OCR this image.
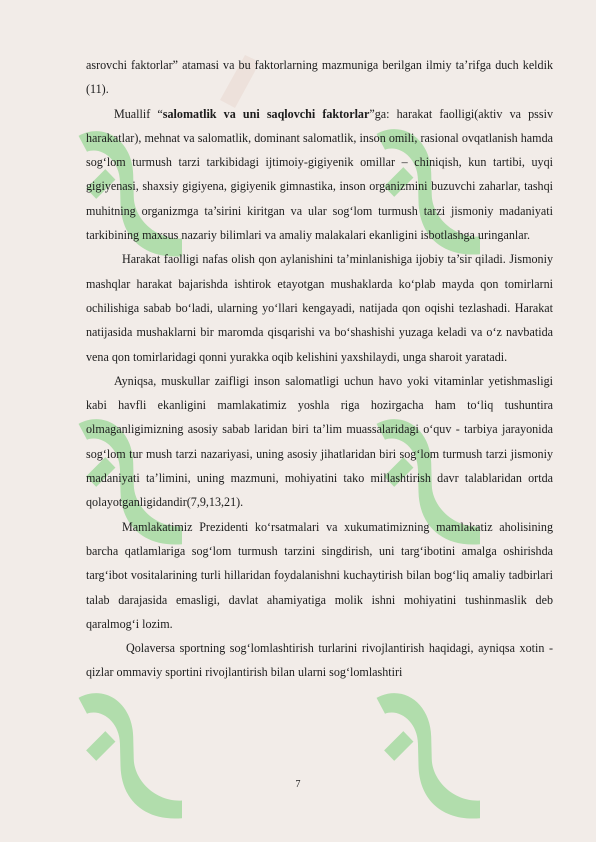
asrovchi faktorlar” atamasi va bu faktorlarning mazmuniga berilgan ilmiy ta’rifga duch keldik (11).

Muallif “salomatlik va uni saqlovchi faktorlar”ga: harakat faolligi(aktiv va pssiv harakatlar), mehnat va salomatlik, dominant salomatlik, inson omili, rasional ovqatlanish hamda sog‘lom turmush tarzi tarkibidagi ijtimoiy-gigiyenik omillar – chiniqish, kun tartibi, uyqi gigiyenasi, shaxsiy gigiyena, gigiyenik gimnastika, inson organizmini buzuvchi zaharlar, tashqi muhitning organizmga ta’sirini kiritgan va ular sog‘lom turmush tarzi jismoniy madaniyati tarkibining maxsus nazariy bilimlari va amaliy malakalari ekanligini isbotlashga uringanlar.

Harakat faolligi nafas olish qon aylanishini ta’minlanishiga ijobiy ta’sir qiladi. Jismoniy mashqlar harakat bajarishda ishtirok etayotgan mushaklarda ko‘plab mayda qon tomirlarni ochilishiga sabab bo‘ladi, ularning yo‘llari kengayadi, natijada qon oqishi tezlashadi. Harakat natijasida mushaklarni bir maromda qisqarishi va bo‘shashishi yuzaga keladi va o‘z navbatida vena qon tomirlaridagi qonni yurakka oqib kelishini yaxshilaydi, unga sharoit yaratadi.

Ayniqsa, muskullar zaifligi inson salomatligi uchun havo yoki vitaminlar yetishmasligi kabi havfli ekanligini mamlakatimiz yoshla riga hozirgacha ham to‘liq tushuntira olmaganligimizning asosiy sabab laridan biri ta’lim muassalaridagi o‘quv - tarbiya jarayonida sog‘lom tur mush tarzi nazariyasi, uning asosiy jihatlaridan biri sog‘lom turmush tarzi jismoniy madaniyati ta’limini, uning mazmuni, mohiyatini tako millashtirish davr talablaridan ortda qolayotganligidandir(7,9,13,21).

Mamlakatimiz Prezidenti ko‘rsatmalari va xukumatimizning mamlakatiz aholisining barcha qatlamlariga sog‘lom turmush tarzini singdirish, uni targ‘ibotini amalga oshirishda targ‘ibot vositalarining turli hillaridan foydalanishni kuchaytirish bilan bog‘liq amaliy tadbirlari talab darajasida emasligi, davlat ahamiyatiga molik ishni mohiyatini tushinmaslik deb qaralmog‘i lozim.

Qolaversa sportning sog‘lomlashtirish turlarini rivojlantirish haqidagi, ayniqsa xotin - qizlar ommaviy sportini rivojlantirish bilan ularni sog‘lomlashtiri

7
